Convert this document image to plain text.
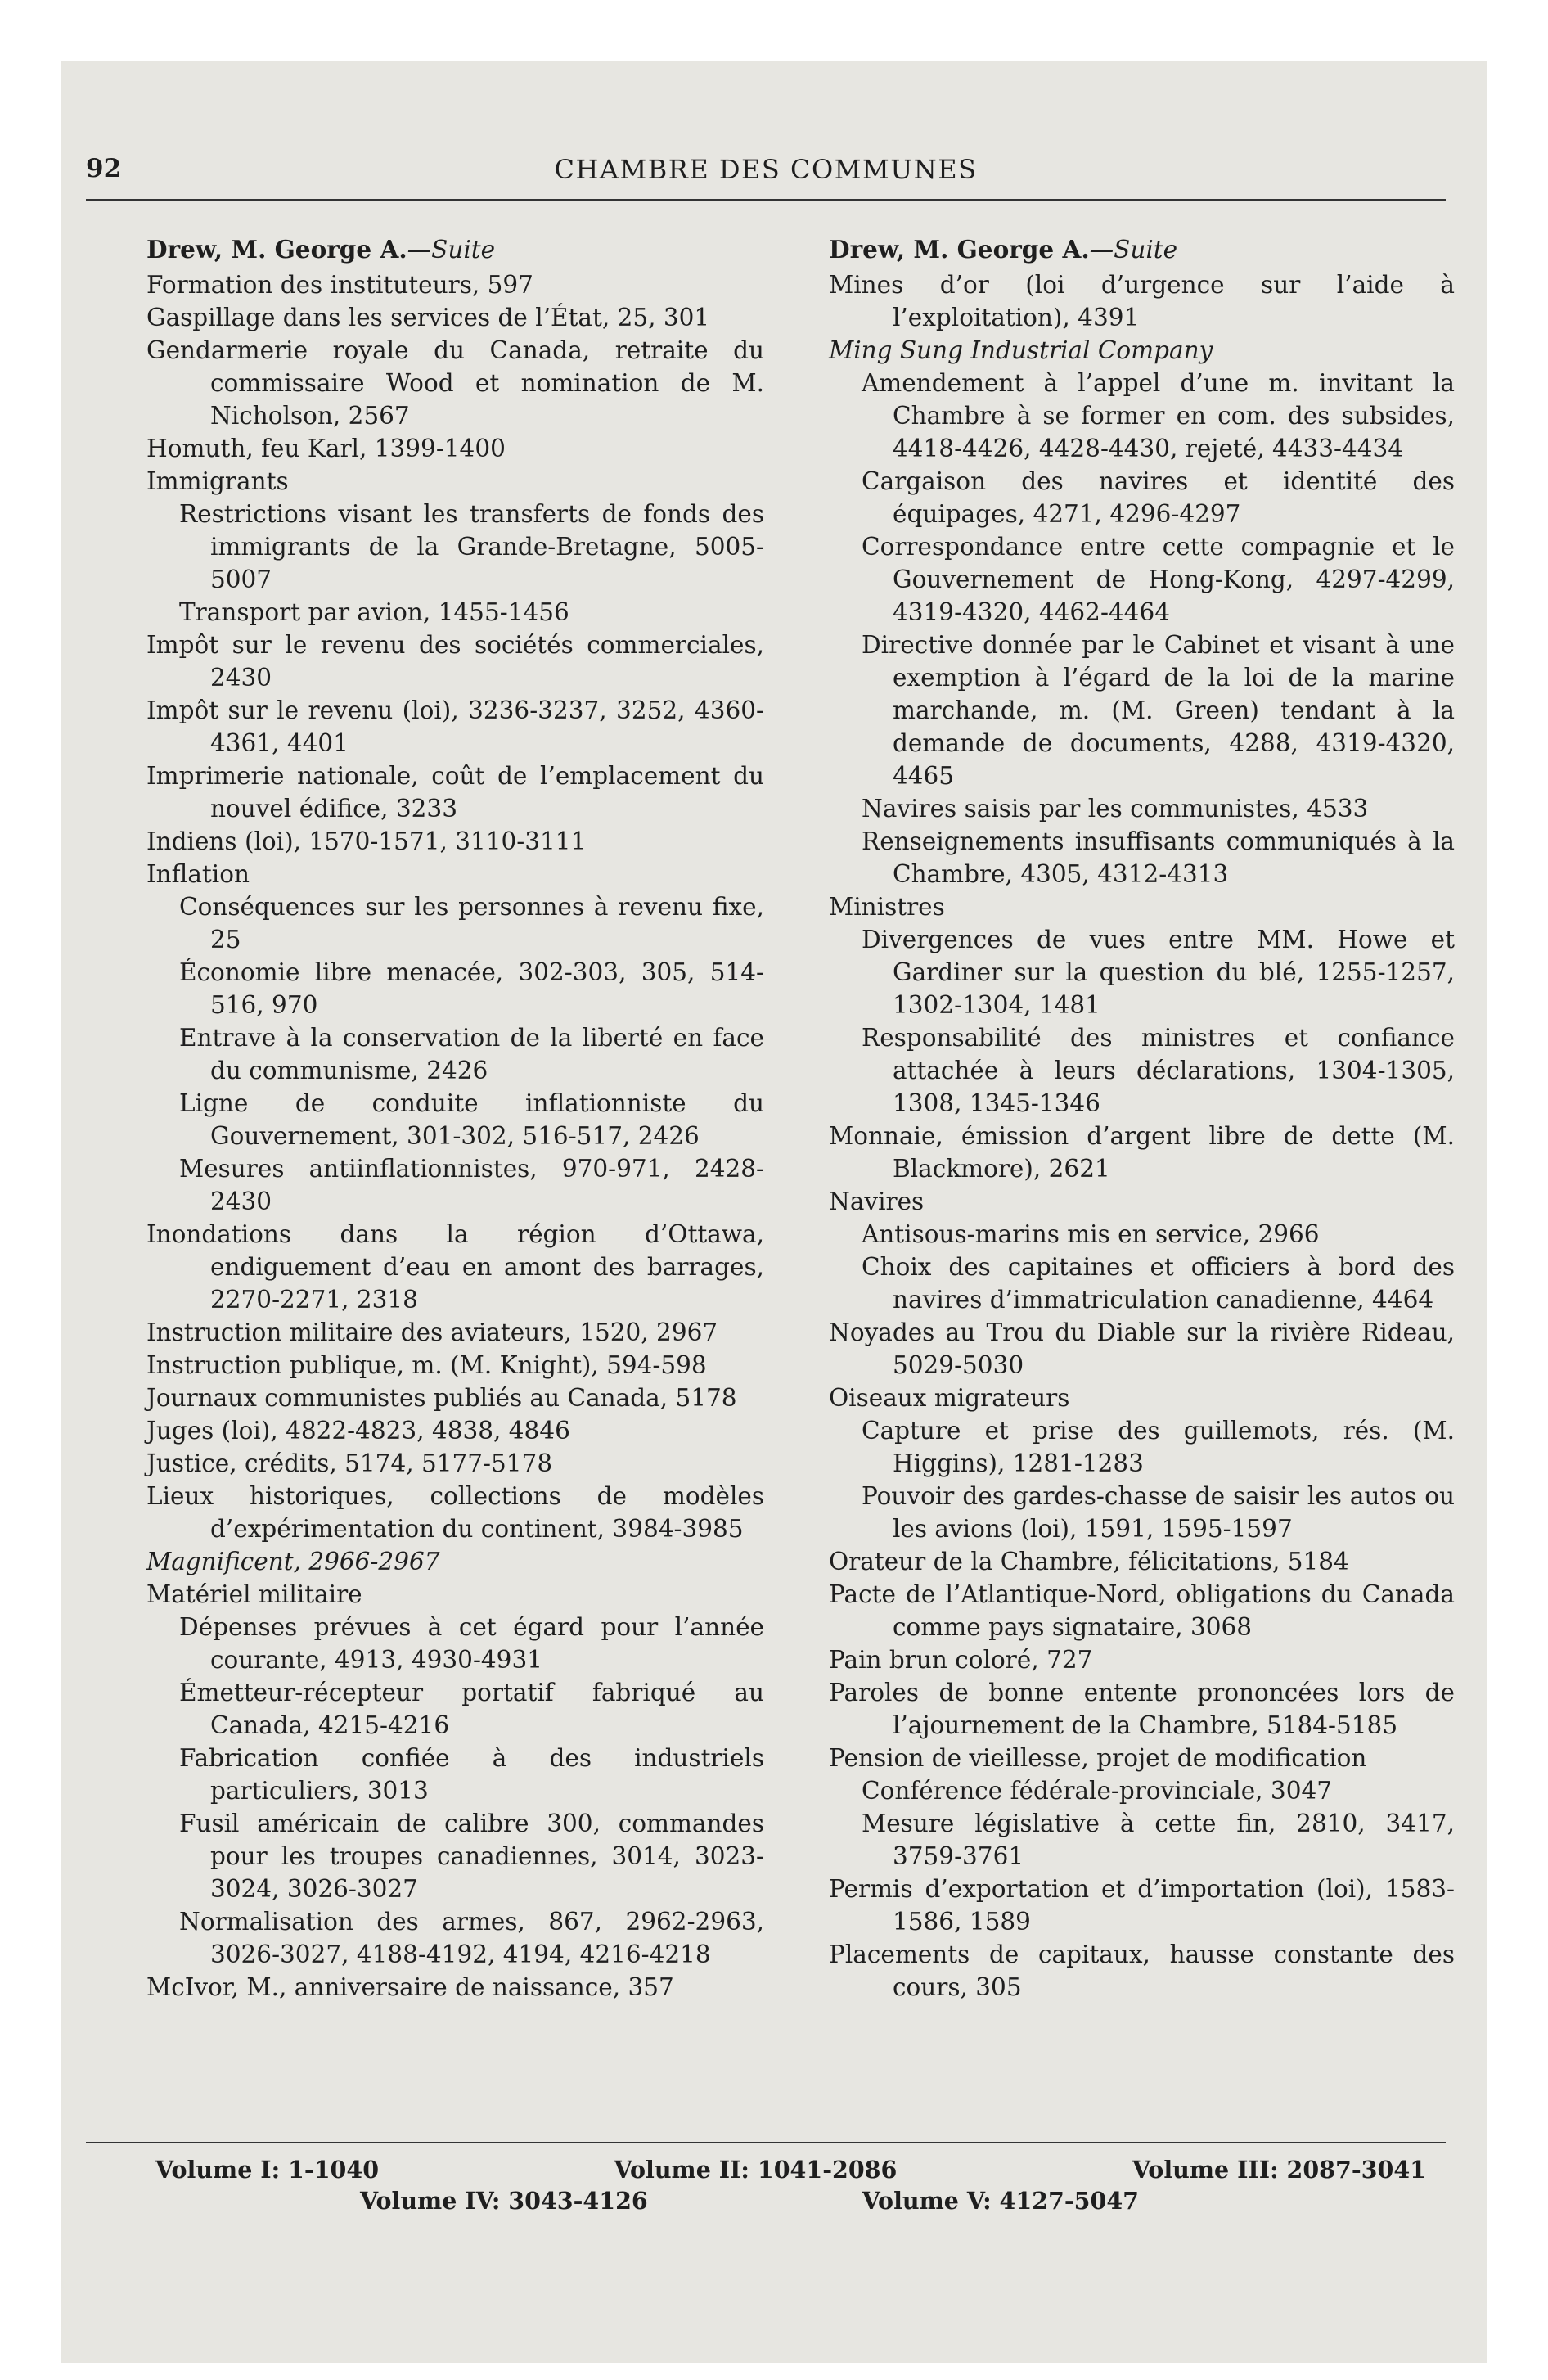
92	CHAMBRE DES COMMUNES
Drew, M. George A.—Suite
Formation des instituteurs, 597
Gaspillage dans les services de l’État, 25, 301
Gendarmerie royale du Canada, retraite du commissaire Wood et nomination de M. Nicholson, 2567
Homuth, feu Karl, 1399-1400
Immigrants
Restrictions visant les transferts de fonds des immigrants de la Grande-Bretagne, 5005-5007
Transport par avion, 1455-1456
Impôt sur le revenu des sociétés commerciales, 2430
Impôt sur le revenu (loi), 3236-3237, 3252, 4360-4361, 4401
Imprimerie nationale, coût de l’emplacement du nouvel édifice, 3233
Indiens (loi), 1570-1571, 3110-3111
Inflation
Conséquences sur les personnes à revenu fixe, 25
Économie libre menacée, 302-303, 305, 514-516, 970
Entrave à la conservation de la liberté en face du communisme, 2426
Ligne de conduite inflationniste du Gouvernement, 301-302, 516-517, 2426
Mesures antiinflationnistes, 970-971, 2428-2430
Inondations dans la région d’Ottawa, endiguement d’eau en amont des barrages, 2270-2271, 2318
Instruction militaire des aviateurs, 1520, 2967
Instruction publique, m. (M. Knight), 594-598
Journaux communistes publiés au Canada, 5178
Juges (loi), 4822-4823, 4838, 4846
Justice, crédits, 5174, 5177-5178
Lieux historiques, collections de modèles d’expérimentation du continent, 3984-3985
Magnificent, 2966-2967
Matériel militaire
Dépenses prévues à cet égard pour l’année courante, 4913, 4930-4931
Émetteur-récepteur portatif fabriqué au Canada, 4215-4216
Fabrication confiée à des industriels particuliers, 3013
Fusil américain de calibre 300, commandes pour les troupes canadiennes, 3014, 3023-3024, 3026-3027
Normalisation des armes, 867, 2962-2963, 3026-3027, 4188-4192, 4194, 4216-4218
McIvor, M., anniversaire de naissance, 357
Drew, M. George A.—Suite
Mines d’or (loi d’urgence sur l’aide à l’exploitation), 4391
Ming Sung Industrial Company
Amendement à l’appel d’une m. invitant la Chambre à se former en com. des subsides, 4418-4426, 4428-4430, rejeté, 4433-4434
Cargaison des navires et identité des équipages, 4271, 4296-4297
Correspondance entre cette compagnie et le Gouvernement de Hong-Kong, 4297-4299, 4319-4320, 4462-4464
Directive donnée par le Cabinet et visant à une exemption à l’égard de la loi de la marine marchande, m. (M. Green) tendant à la demande de documents, 4288, 4319-4320, 4465
Navires saisis par les communistes, 4533
Renseignements insuffisants communiqués à la Chambre, 4305, 4312-4313
Ministres
Divergences de vues entre MM. Howe et Gardiner sur la question du blé, 1255-1257, 1302-1304, 1481
Responsabilité des ministres et confiance attachée à leurs déclarations, 1304-1305, 1308, 1345-1346
Monnaie, émission d’argent libre de dette (M. Blackmore), 2621
Navires
Antisous-marins mis en service, 2966
Choix des capitaines et officiers à bord des navires d’immatriculation canadienne, 4464
Noyades au Trou du Diable sur la rivière Rideau, 5029-5030
Oiseaux migrateurs
Capture et prise des guillemots, rés. (M. Higgins), 1281-1283
Pouvoir des gardes-chasse de saisir les autos ou les avions (loi), 1591, 1595-1597
Orateur de la Chambre, félicitations, 5184
Pacte de l’Atlantique-Nord, obligations du Canada comme pays signataire, 3068
Pain brun coloré, 727
Paroles de bonne entente prononcées lors de l’ajournement de la Chambre, 5184-5185
Pension de vieillesse, projet de modification
Conférence fédérale-provinciale, 3047
Mesure législative à cette fin, 2810, 3417, 3759-3761
Permis d’exportation et d’importation (loi), 1583-1586, 1589
Placements de capitaux, hausse constante des cours, 305
Volume I: 1-1040	Volume II: 1041-2086	Volume III: 2087-3041
Volume IV: 3043-4126	Volume V: 4127-5047
